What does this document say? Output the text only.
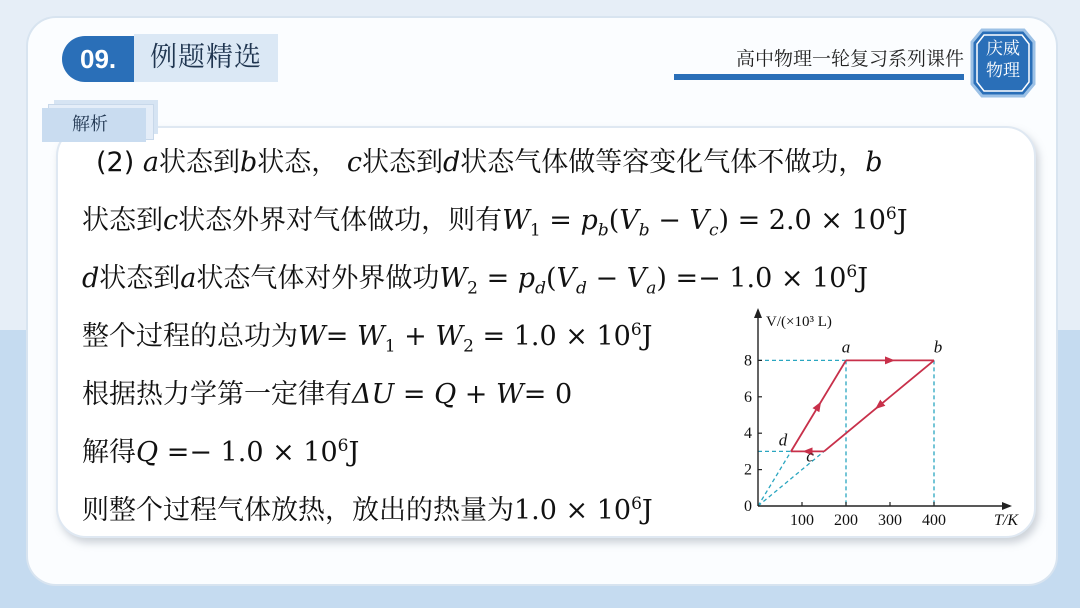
09.	例题精选	高中物理一轮复习系列课件	庆威
物理
解析
(2) a状态到b状态， c状态到d状态气体做等容变化气体不做功，b
状态到c状态外界对气体做功，则有$W_1 = p_b(V_b - V_c) = 2.0 \times 10^6J$
d状态到a状态气体对外界做功$W_2 = p_d(V_d - V_a) =- 1.0 \times 10^6J$
整个过程的总功为$W= W_1 + W_2 = 1.0 \times 10^6J$
根据热力学第一定律有ΔU = Q + W= 0
解得$Q =- 1.0 \times 10^6J$
则整个过程气体放热，放出的热量为$1.0 \times 10^6J$	100 200 300 400
2
4
6
8
0
T/K
V/(×10³ L)
a	b
c
d
